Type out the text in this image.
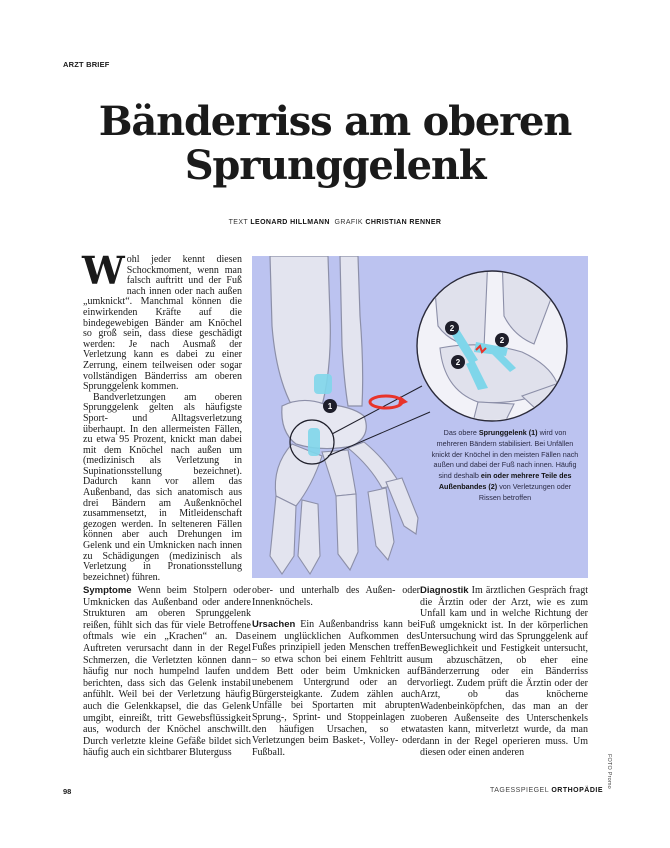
ARZT BRIEF
Bänderriss am oberen
Sprunggelenk
TEXT LEONARD HILLMANN GRAFIK CHRISTIAN RENNER

Wohl jeder kennt diesen Schockmoment, wenn man falsch auftritt und der Fuß nach innen oder nach außen „umknickt“. Manchmal können die einwirkenden Kräfte auf die bindegewebigen Bänder am Knöchel so groß sein, dass diese geschädigt werden: Je nach Ausmaß der Verletzung kann es dabei zu einer Zerrung, einem teilweisen oder sogar vollständigen Bänderriss am oberen Sprunggelenk kommen.

Bandverletzungen am oberen Sprunggelenk gelten als häufigste Sport- und Alltagsverletzung überhaupt. In den allermeisten Fällen, zu etwa 95 Prozent, knickt man dabei mit dem Knöchel nach außen um (medizinisch als Verletzung in Supinationsstellung bezeichnet). Dadurch kann vor allem das Außenband, das sich anatomisch aus drei Bändern am Außenknöchel zusammensetzt, in Mitleidenschaft gezogen werden. In selteneren Fällen können aber auch Drehungen im Gelenk und ein Umknicken nach innen zu Schädigungen (medizinisch als Verletzung in Pronationsstellung bezeichnet) führen.

1
2
2
2
Das obere Sprunggelenk (1) wird von mehreren Bändern stabilisiert. Bei Unfällen knickt der Knöchel in den meisten Fällen nach außen und dabei der Fuß nach innen. Häufig sind deshalb ein oder mehrere Teile des Außenbandes (2) von Verletzungen oder Rissen betroffen

Symptome Wenn beim Stolpern oder Umknicken das Außenband oder andere Strukturen am oberen Sprunggelenk reißen, fühlt sich das für viele Betroffene oftmals wie ein „Krachen“ an. Das Auftreten verursacht dann in der Regel Schmerzen, die Verletzten können dann häufig nur noch humpelnd laufen und berichten, dass sich das Gelenk instabil anfühlt. Weil bei der Verletzung häufig auch die Gelenkkapsel, die das Gelenk umgibt, einreißt, tritt Gewebsflüssigkeit aus, wodurch der Knöchel anschwillt. Durch verletzte kleine Gefäße bildet sich häufig auch ein sichtbarer Bluterguss

ober- und unterhalb des Außen- oder Innenknöchels.

Ursachen Ein Außenbandriss kann bei einem unglücklichen Aufkommen des Fußes prinzipiell jeden Menschen treffen – so etwa schon bei einem Fehltritt aus dem Bett oder beim Umknicken auf unebenem Untergrund oder an der Bürgersteigkante. Zudem zählen auch Unfälle bei Sportarten mit abrupten Sprung-, Sprint- und Stoppeinlagen zu den häufigen Ursachen, so etwa Verletzungen beim Basket-, Volley- oder Fußball.

Diagnostik Im ärztlichen Gespräch fragt die Ärztin oder der Arzt, wie es zum Unfall kam und in welche Richtung der Fuß umgeknickt ist. In der körperlichen Untersuchung wird das Sprunggelenk auf Beweglichkeit und Festigkeit untersucht, um abzuschätzen, ob eher eine Bänderzerrung oder ein Bänderriss vorliegt. Zudem prüft die Ärztin oder der Arzt, ob das knöcherne Wadenbeinköpfchen, das man an der oberen Außenseite des Unterschenkels tasten kann, mitverletzt wurde, da man dann in der Regel operieren muss. Um diesen oder einen anderen

FOTO Promo
98	TAGESSPIEGEL ORTHOPÄDIE
